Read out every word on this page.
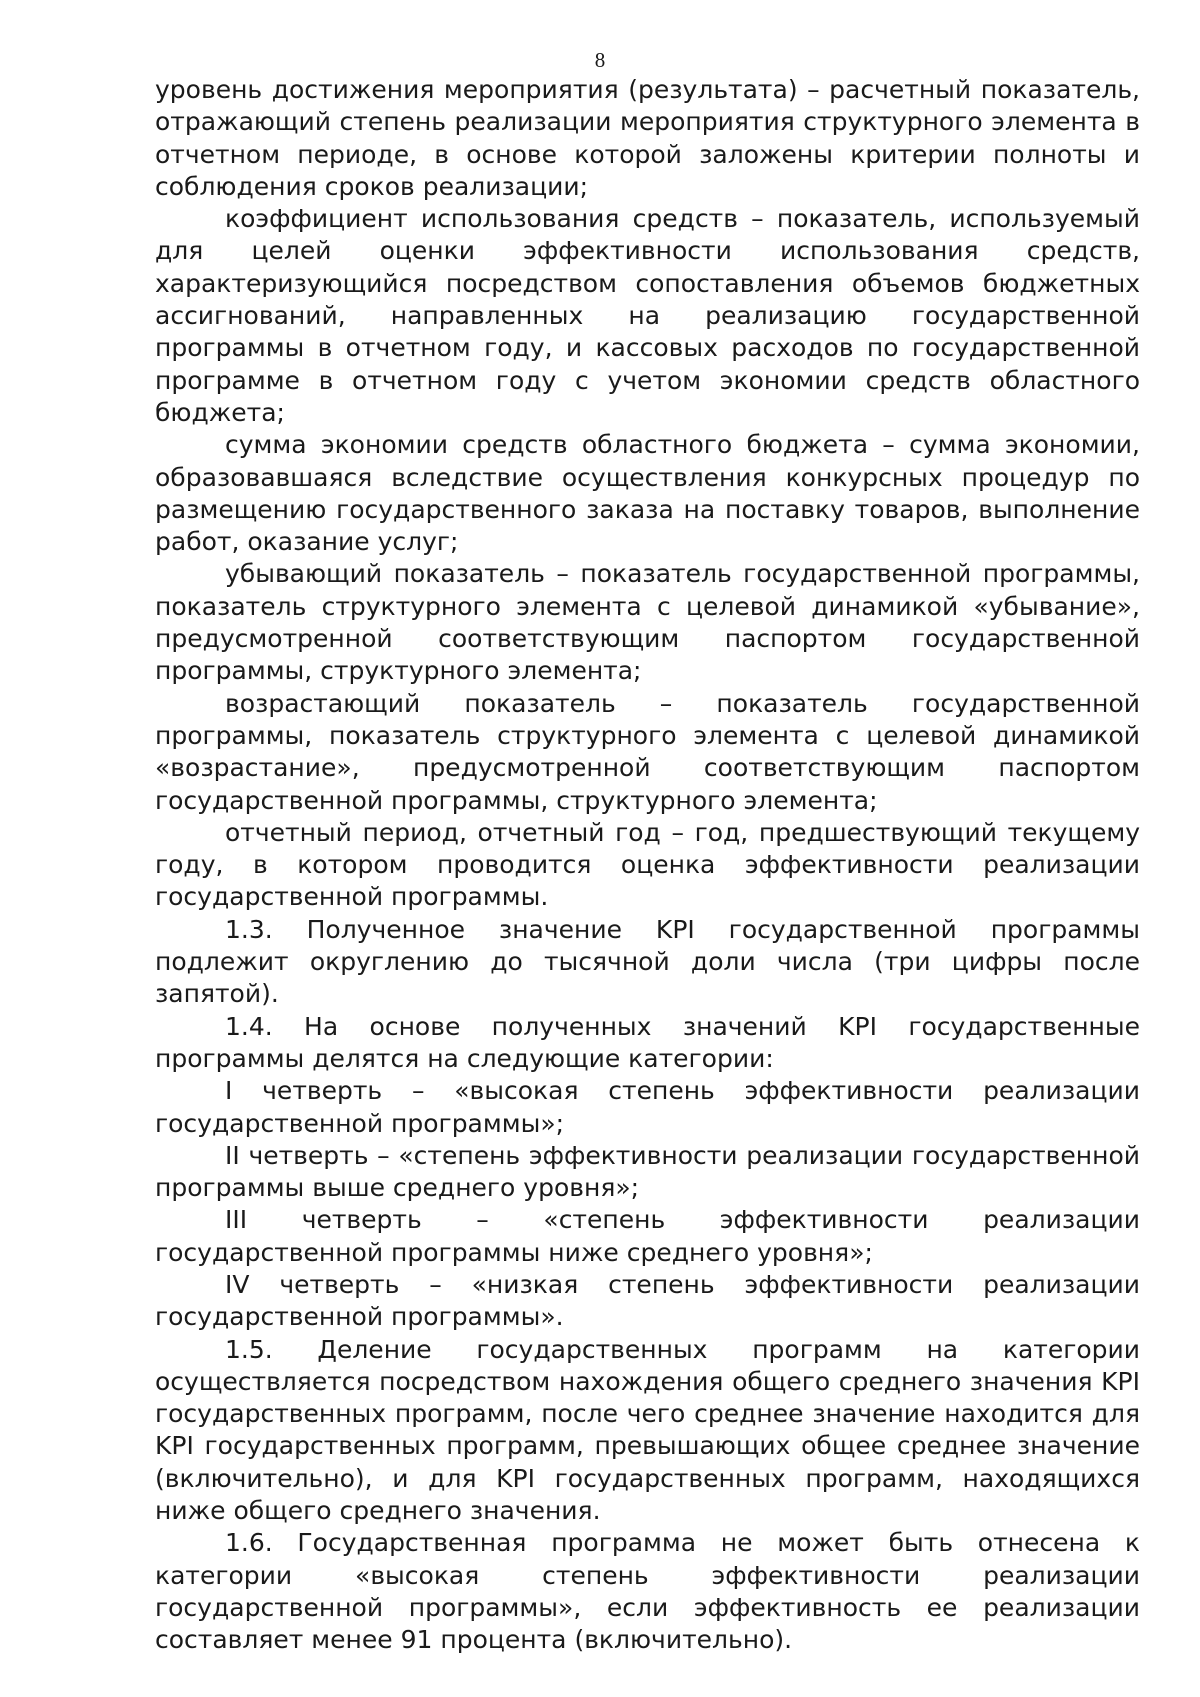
8

уровень достижения мероприятия (результата) – расчетный показатель, отражающий степень реализации мероприятия структурного элемента в отчетном периоде, в основе которой заложены критерии полноты и соблюдения сроков реализации;

коэффициент использования средств – показатель, используемый для целей оценки эффективности использования средств, характеризующийся посредством сопоставления объемов бюджетных ассигнований, направленных на реализацию государственной программы в отчетном году, и кассовых расходов по государственной программе в отчетном году с учетом экономии средств областного бюджета;

сумма экономии средств областного бюджета – сумма экономии, образовавшаяся вследствие осуществления конкурсных процедур по размещению государственного заказа на поставку товаров, выполнение работ, оказание услуг;

убывающий показатель – показатель государственной программы, показатель структурного элемента с целевой динамикой «убывание», предусмотренной соответствующим паспортом государственной программы, структурного элемента;

возрастающий показатель – показатель государственной программы, показатель структурного элемента с целевой динамикой «возрастание», предусмотренной соответствующим паспортом государственной программы, структурного элемента;

отчетный период, отчетный год – год, предшествующий текущему году, в котором проводится оценка эффективности реализации государственной программы.

1.3. Полученное значение KPI государственной программы подлежит округлению до тысячной доли числа (три цифры после запятой).

1.4. На основе полученных значений KPI государственные программы делятся на следующие категории:

I четверть – «высокая степень эффективности реализации государственной программы»;

II четверть – «степень эффективности реализации государственной программы выше среднего уровня»;

III четверть – «степень эффективности реализации государственной программы ниже среднего уровня»;

IV четверть – «низкая степень эффективности реализации государственной программы».

1.5. Деление государственных программ на категории осуществляется посредством нахождения общего среднего значения KPI государственных программ, после чего среднее значение находится для KPI государственных программ, превышающих общее среднее значение (включительно), и для KPI государственных программ, находящихся ниже общего среднего значения.

1.6. Государственная программа не может быть отнесена к категории «высокая степень эффективности реализации государственной программы», если эффективность ее реализации составляет менее 91 процента (включительно).
